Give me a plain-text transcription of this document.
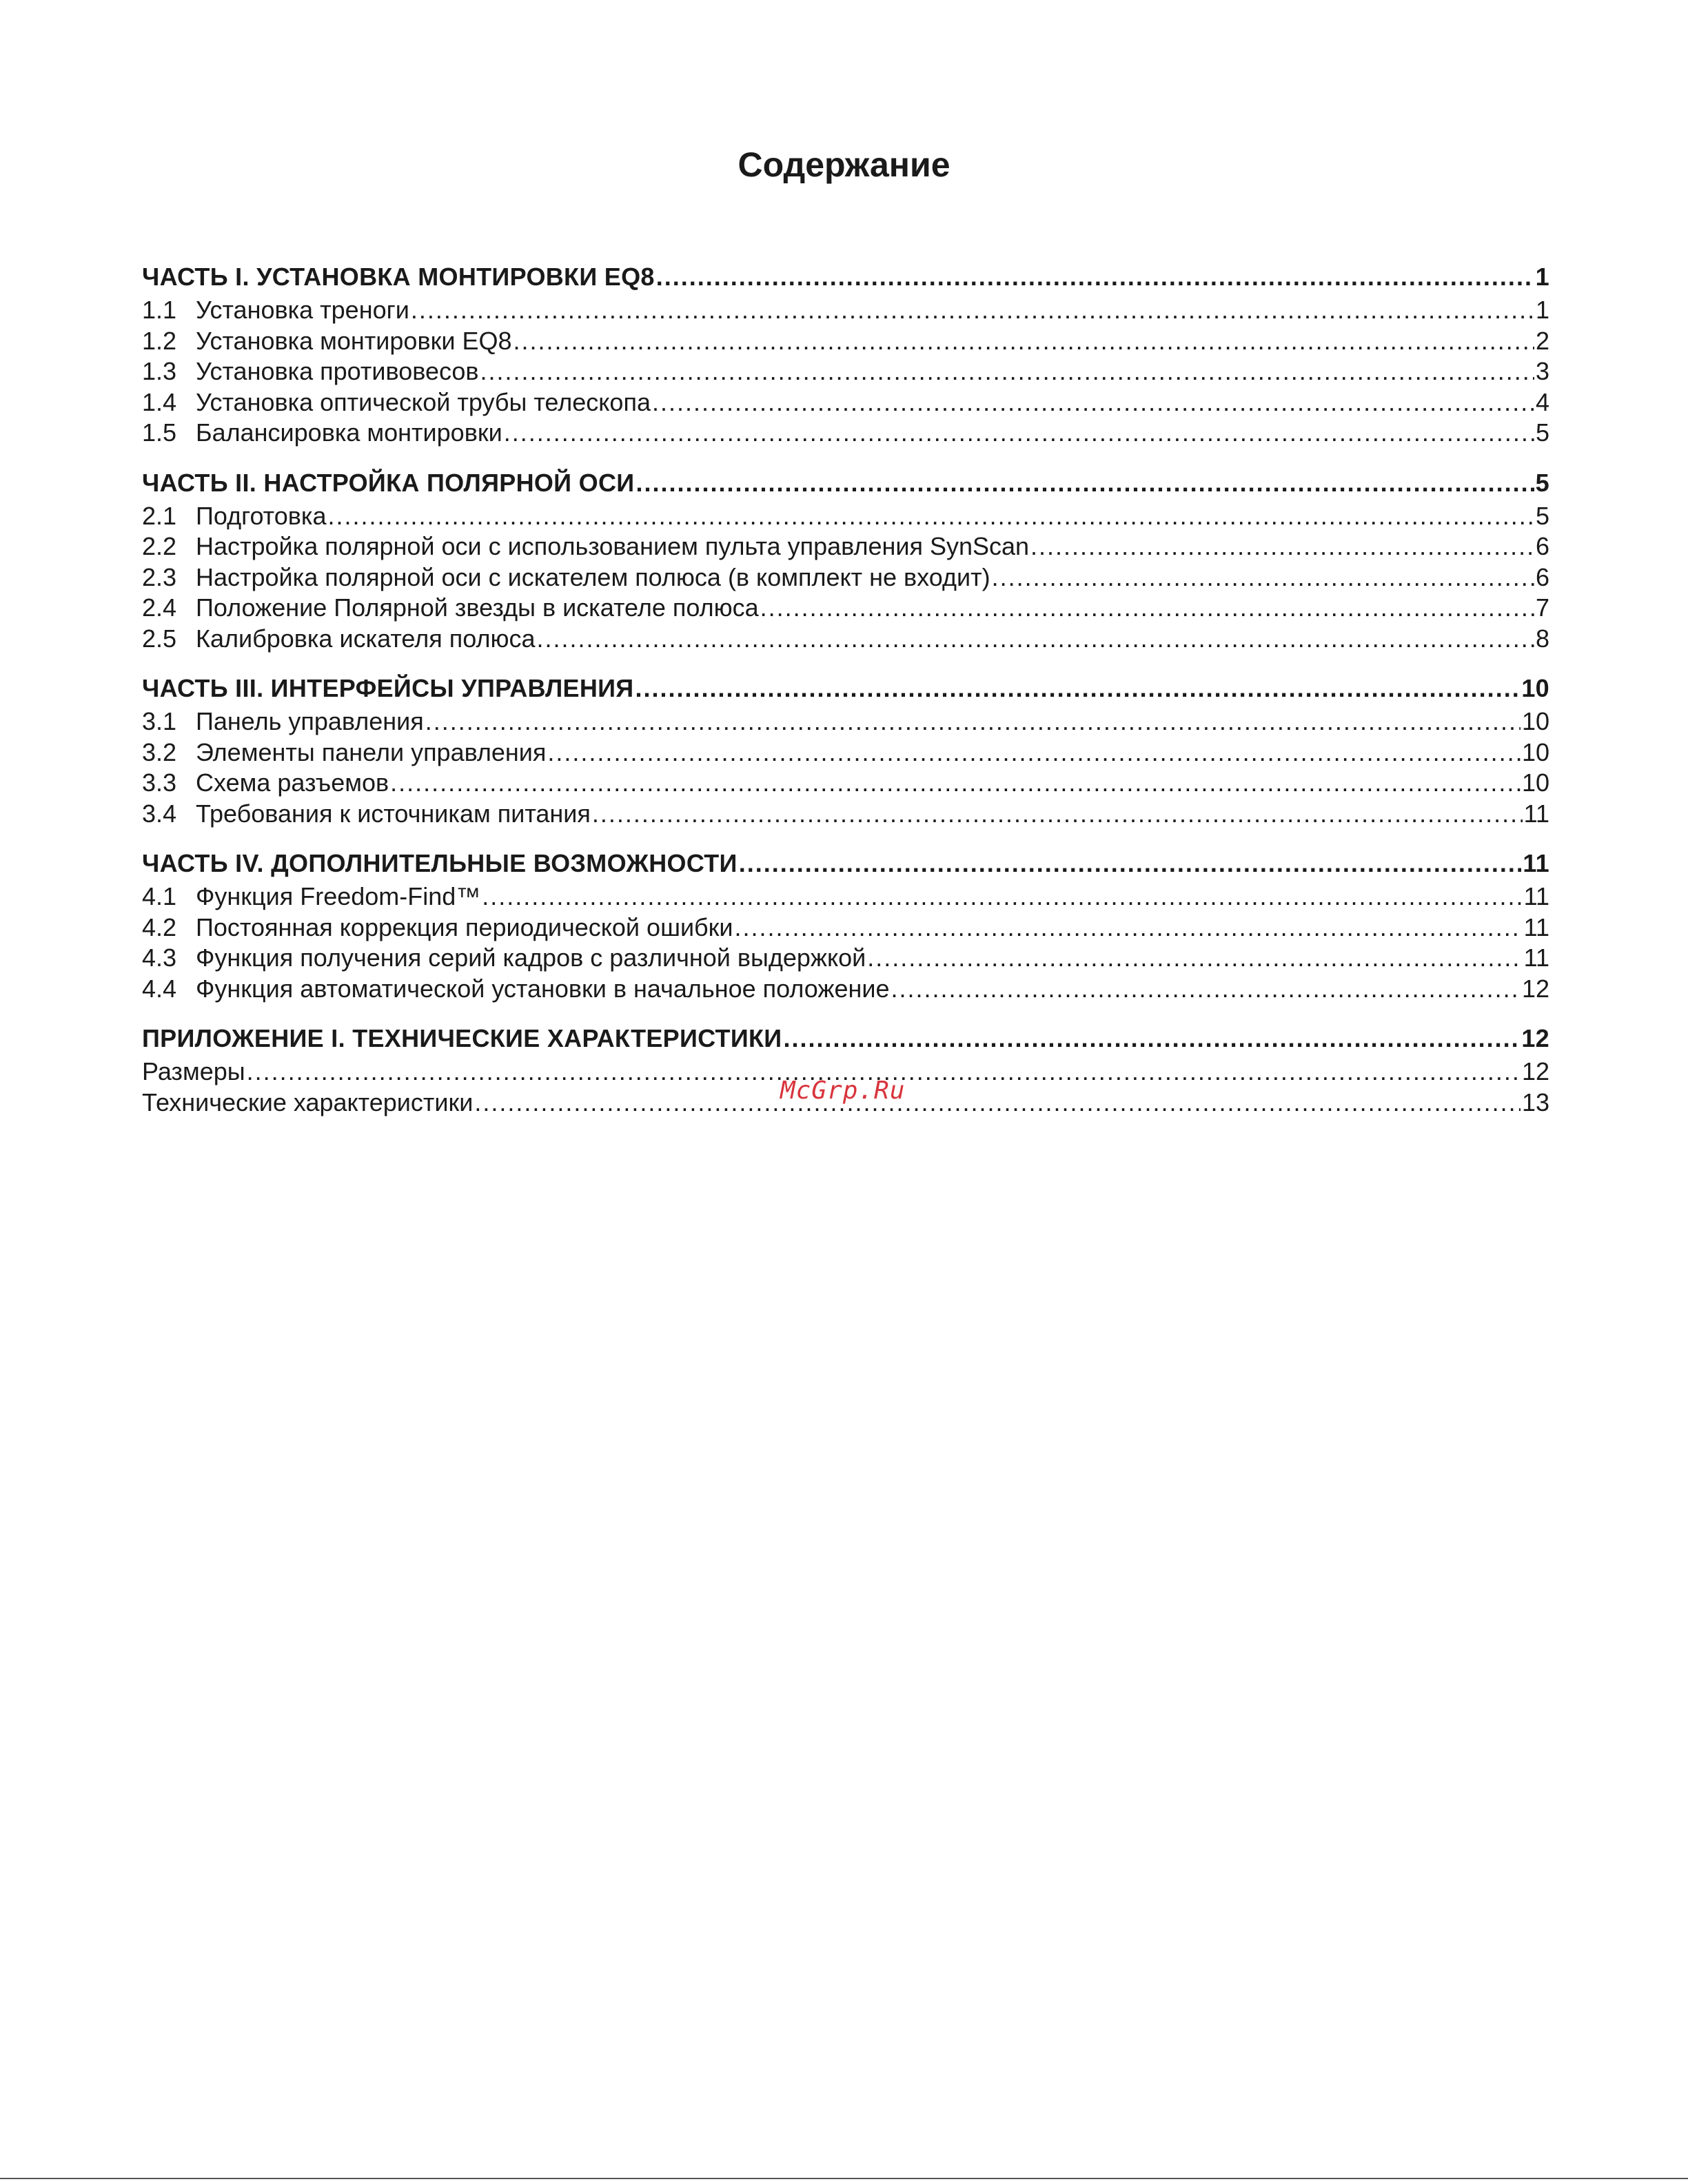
Содержание
ЧАСТЬ I. УСТАНОВКА МОНТИРОВКИ EQ8 .....	1
1.1 Установка треноги .....	1
1.2 Установка монтировки EQ8 .....	2
1.3 Установка противовесов .....	3
1.4 Установка оптической трубы телескопа .....	4
1.5 Балансировка монтировки .....	5
ЧАСТЬ II. НАСТРОЙКА ПОЛЯРНОЙ ОСИ .....	5
2.1 Подготовка .....	5
2.2 Настройка полярной оси с использованием пульта управления SynScan .....	6
2.3 Настройка полярной оси с искателем полюса (в комплект не входит) .....	6
2.4 Положение Полярной звезды в искателе полюса .....	7
2.5 Калибровка искателя полюса .....	8
ЧАСТЬ III. ИНТЕРФЕЙСЫ УПРАВЛЕНИЯ .....	10
3.1 Панель управления .....	10
3.2 Элементы панели управления .....	10
3.3 Схема разъемов .....	10
3.4 Требования к источникам питания .....	11
ЧАСТЬ IV. ДОПОЛНИТЕЛЬНЫЕ ВОЗМОЖНОСТИ .....	11
4.1 Функция Freedom-Find™ .....	11
4.2 Постоянная коррекция периодической ошибки .....	11
4.3 Функция получения серий кадров с различной выдержкой .....	11
4.4 Функция автоматической установки в начальное положение .....	12
ПРИЛОЖЕНИЕ I. ТЕХНИЧЕСКИЕ ХАРАКТЕРИСТИКИ .....	12
Размеры .....	12
Технические характеристики .....	13
McGrp.Ru
